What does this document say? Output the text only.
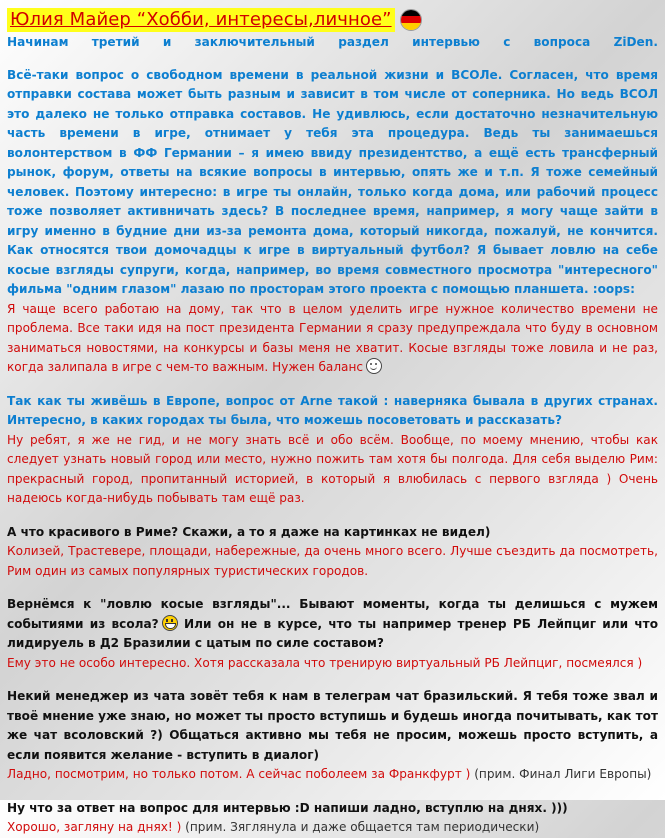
Юлия Майер “Хобби, интересы,личное”
Начинам третий и заключительный раздел интервью с вопроса ZiDen.

Всё-таки вопрос о свободном времени в реальной жизни и ВСОЛе. Согласен, что время отправки состава может быть разным и зависит в том числе от соперника. Но ведь ВСОЛ это далеко не только отправка составов. Не удивлюсь, если достаточно незначительную часть времени в игре, отнимает у тебя эта процедура. Ведь ты занимаешься волонтерством в ФФ Германии – я имею ввиду президентство, а ещё есть трансферный рынок, форум, ответы на всякие вопросы в интервью, опять же и т.п. Я тоже семейный человек. Поэтому интересно: в игре ты онлайн, только когда дома, или рабочий процесс тоже позволяет активничать здесь? В последнее время, например, я могу чаще зайти в игру именно в будние дни из-за ремонта дома, который никогда, пожалуй, не кончится. Как относятся твои домочадцы к игре в виртуальный футбол? Я бывает ловлю на себе косые взгляды супруги, когда, например, во время совместного просмотра "интересного" фильма "одним глазом" лазаю по просторам этого проекта с помощью планшета. :oops:

Я чаще всего работаю на дому, так что в целом уделить игре нужное количество времени не проблема. Все таки идя на пост президента Германии я сразу предупреждала что буду в основном заниматься новостями, на конкурсы и базы меня не хватит. Косые взгляды тоже ловила и не раз, когда залипала в игре с чем-то важным. Нужен баланс

Так как ты живёшь в Европе, вопрос от Arne такой : наверняка бывала в других странах. Интересно, в каких городах ты была, что можешь посоветовать и рассказать?

Ну ребят, я же не гид, и не могу знать всё и обо всём. Вообще, по моему мнению, чтобы как следует узнать новый город или место, нужно пожить там хотя бы полгода. Для себя выделю Рим: прекрасный город, пропитанный историей, в который я влюбилась с первого взгляда ) Очень надеюсь когда-нибудь побывать там ещё раз.

А что красивого в Риме? Скажи, а то я даже на картинках не видел)

Колизей, Трастевере, площади, набережные, да очень много всего. Лучше съездить да посмотреть, Рим один из самых популярных туристических городов.

Вернёмся к "ловлю косые взгляды"... Бывают моменты, когда ты делишься с мужем событиями из всола? Или он не в курсе, что ты например тренер РБ Лейпциг или что лидируель в Д2 Бразилии с цатым по силе составом?

Ему это не особо интересно. Хотя рассказала что тренирую виртуальный РБ Лейпциг, посмеялся )

Некий менеджер из чата зовёт тебя к нам в телеграм чат бразильский. Я тебя тоже звал и твоё мнение уже знаю, но может ты просто вступишь и будешь иногда почитывать, как тот же чат всоловский ?) Общаться активно мы тебя не просим, можешь просто вступить, а если появится желание - вступить в диалог)

Ладно, посмотрим, но только потом. А сейчас поболеем за Франкфурт ) (прим. Финал Лиги Европы)

Ну что за ответ на вопрос для интервью :D напиши ладно, вступлю на днях. )))

Хорошо, загляну на днях! ) (прим. Зяглянула и даже общается там периодически)
